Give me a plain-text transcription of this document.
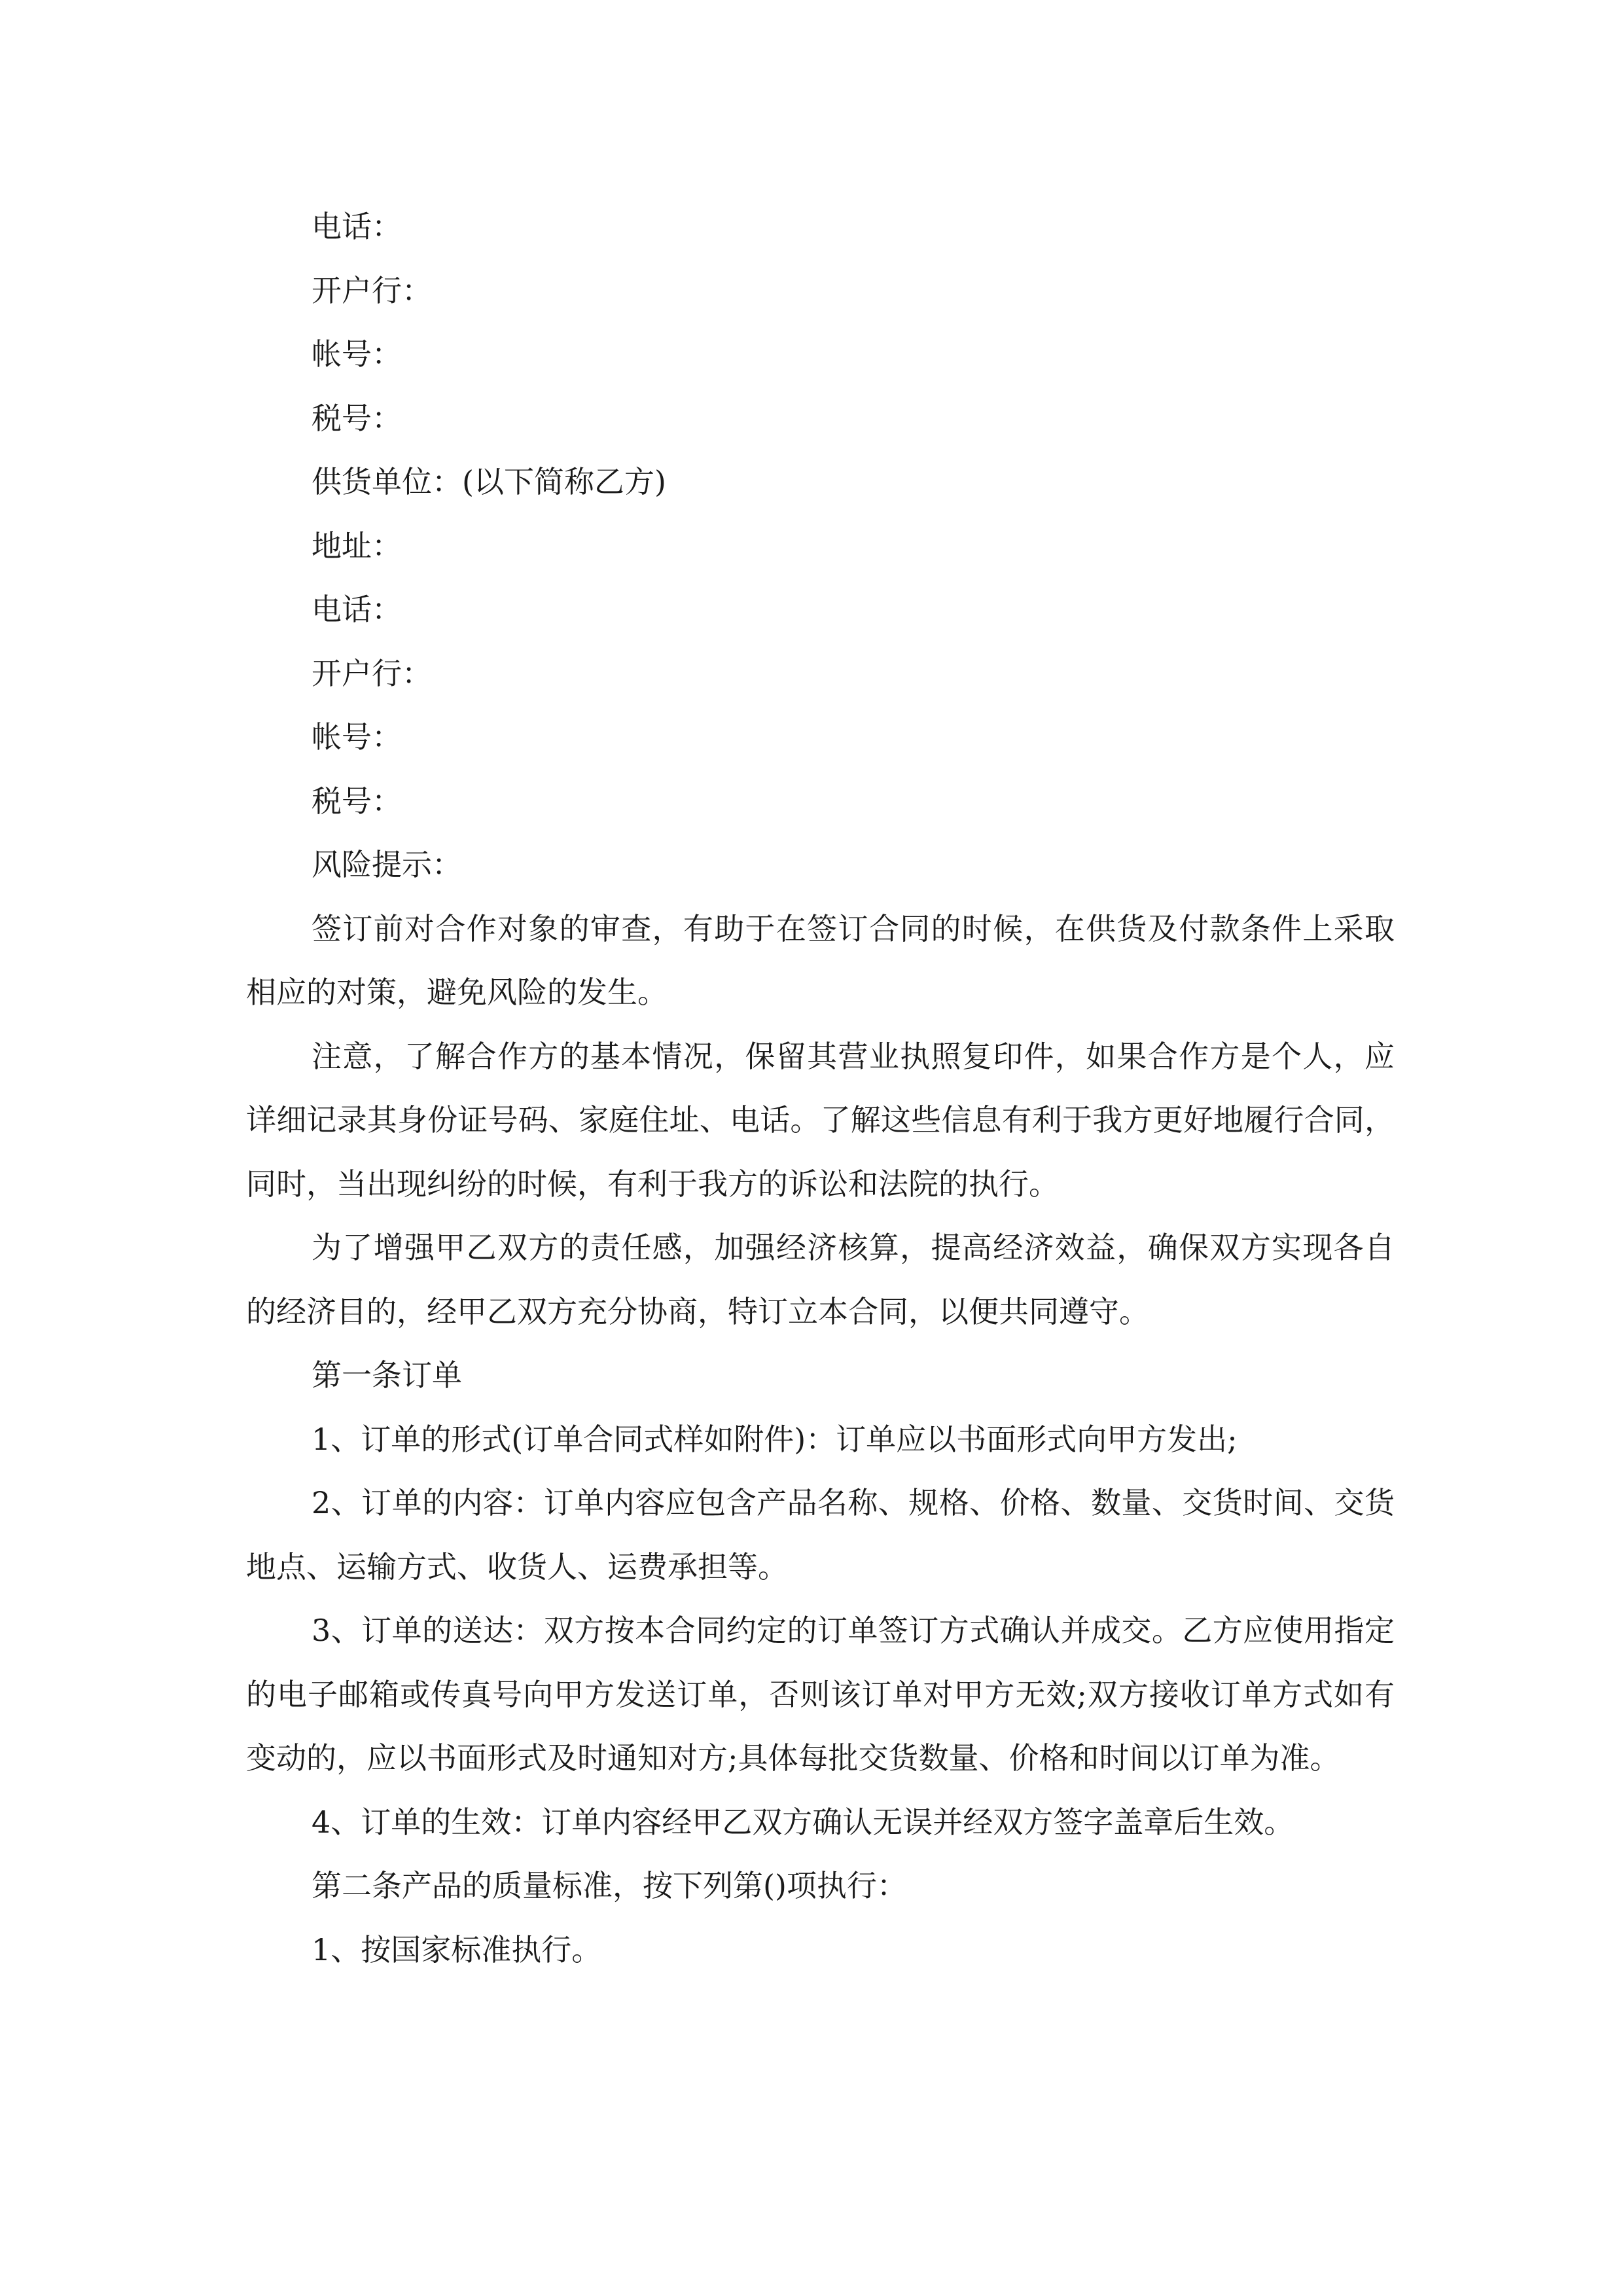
电话：

开户行：

帐号：

税号：

供货单位：(以下简称乙方)

地址：

电话：

开户行：

帐号：

税号：

风险提示：

签订前对合作对象的审查，有助于在签订合同的时候，在供货及付款条件上采取相应的对策，避免风险的发生。

注意，了解合作方的基本情况，保留其营业执照复印件，如果合作方是个人，应详细记录其身份证号码、家庭住址、电话。了解这些信息有利于我方更好地履行合同，同时，当出现纠纷的时候，有利于我方的诉讼和法院的执行。

为了增强甲乙双方的责任感，加强经济核算，提高经济效益，确保双方实现各自的经济目的，经甲乙双方充分协商，特订立本合同，以便共同遵守。

第一条订单

1、订单的形式(订单合同式样如附件)：订单应以书面形式向甲方发出;

2、订单的内容：订单内容应包含产品名称、规格、价格、数量、交货时间、交货地点、运输方式、收货人、运费承担等。

3、订单的送达：双方按本合同约定的订单签订方式确认并成交。乙方应使用指定的电子邮箱或传真号向甲方发送订单，否则该订单对甲方无效;双方接收订单方式如有变动的，应以书面形式及时通知对方;具体每批交货数量、价格和时间以订单为准。

4、订单的生效：订单内容经甲乙双方确认无误并经双方签字盖章后生效。

第二条产品的质量标准，按下列第()项执行：

1、按国家标准执行。
